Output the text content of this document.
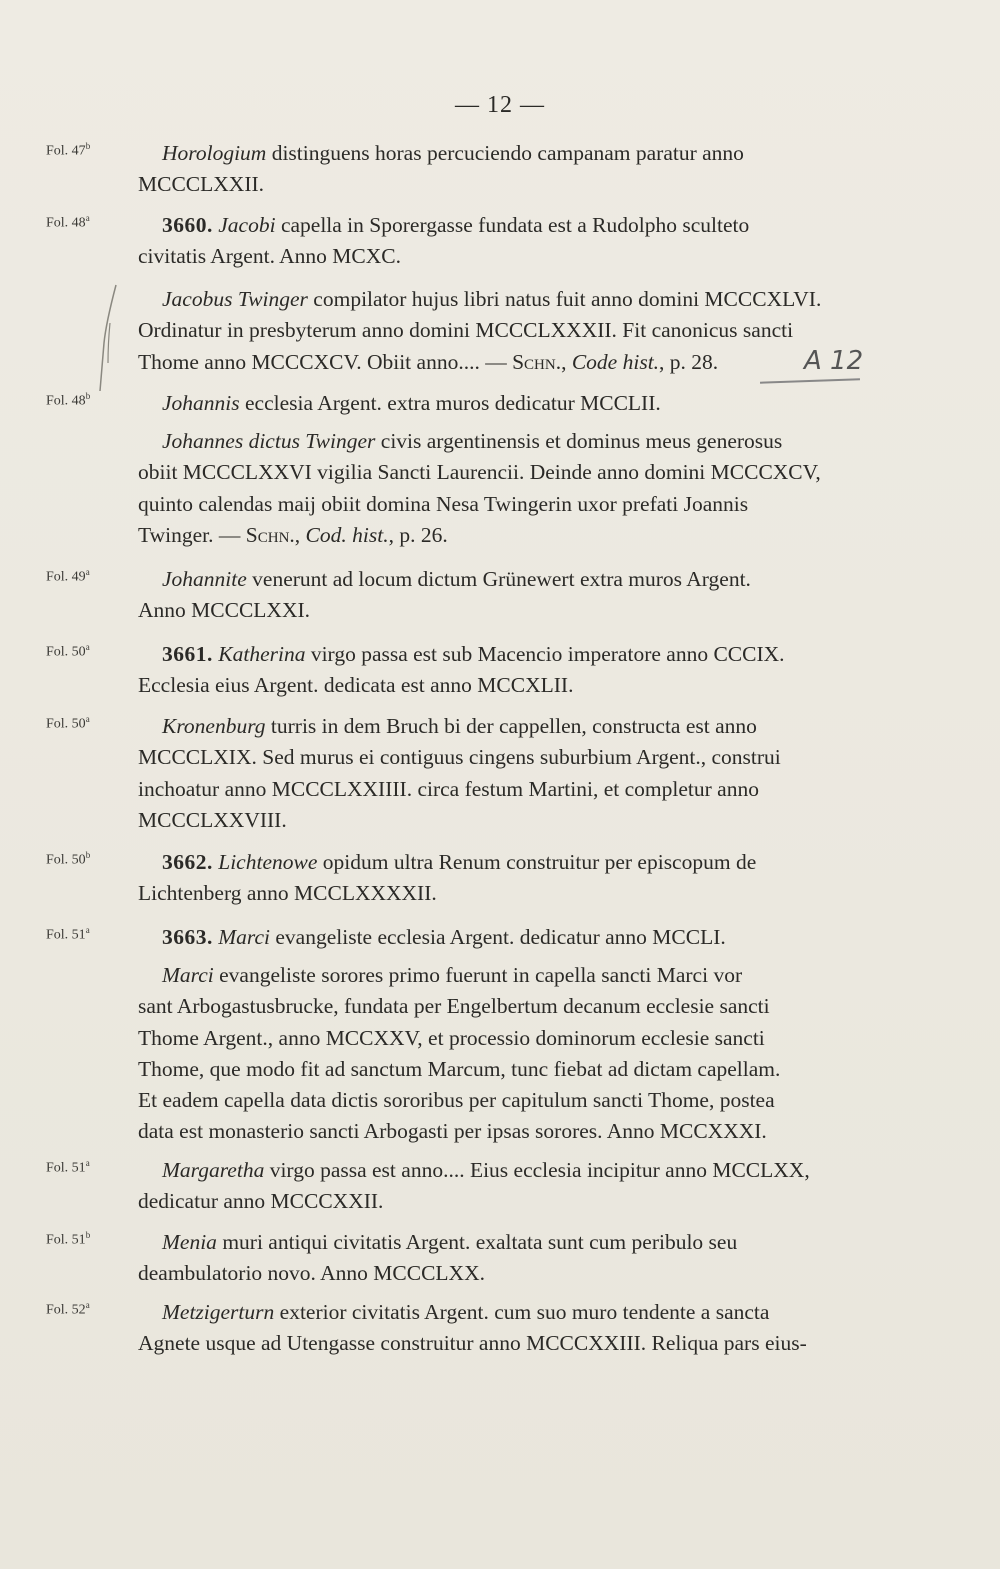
— 12 —
Fol. 47$^b$	Horologium distinguens horas percuciendo campanam paratur anno
MCCCLXXII.
Fol. 48$^a$	3660. Jacobi capella in Sporergasse fundata est a Rudolpho sculteto
civitatis Argent. Anno MCXC.
Jacobus Twinger compilator hujus libri natus fuit anno domini MCCCXLVI.
Ordinatur in presbyterum anno domini MCCCLXXXII. Fit canonicus sancti
Thome anno MCCCXCV. Obiit anno.... — Schn., Code hist., p. 28.
Fol. 48$^b$	Johannis ecclesia Argent. extra muros dedicatur MCCLII.
Johannes dictus Twinger civis argentinensis et dominus meus generosus
obiit MCCCLXXVI vigilia Sancti Laurencii. Deinde anno domini MCCCXCV,
quinto calendas maij obiit domina Nesa Twingerin uxor prefati Joannis
Twinger. — Schn., Cod. hist., p. 26.
Fol. 49$^a$	Johannite venerunt ad locum dictum Grünewert extra muros Argent.
Anno MCCCLXXI.
Fol. 50$^a$	3661. Katherina virgo passa est sub Macencio imperatore anno CCCIX.
Ecclesia eius Argent. dedicata est anno MCCXLII.
Fol. 50$^a$	Kronenburg turris in dem Bruch bi der cappellen, constructa est anno
MCCCLXIX. Sed murus ei contiguus cingens suburbium Argent., construi
inchoatur anno MCCCLXXIIII. circa festum Martini, et completur anno
MCCCLXXVIII.
Fol. 50$^b$	3662. Lichtenowe opidum ultra Renum construitur per episcopum de
Lichtenberg anno MCCLXXXXII.
Fol. 51$^a$	3663. Marci evangeliste ecclesia Argent. dedicatur anno MCCLI.
Marci evangeliste sorores primo fuerunt in capella sancti Marci vor
sant Arbogastusbrucke, fundata per Engelbertum decanum ecclesie sancti
Thome Argent., anno MCCXXV, et processio dominorum ecclesie sancti
Thome, que modo fit ad sanctum Marcum, tunc fiebat ad dictam capellam.
Et eadem capella data dictis sororibus per capitulum sancti Thome, postea
data est monasterio sancti Arbogasti per ipsas sorores. Anno MCCXXXI.
Fol. 51$^a$	Margaretha virgo passa est anno.... Eius ecclesia incipitur anno MCCLXX,
dedicatur anno MCCCXXII.
Fol. 51$^b$	Menia muri antiqui civitatis Argent. exaltata sunt cum peribulo seu
deambulatorio novo. Anno MCCCLXX.
Fol. 52$^a$	Metzigerturn exterior civitatis Argent. cum suo muro tendente a sancta
Agnete usque ad Utengasse construitur anno MCCCXXIII. Reliqua pars eius-
A 12
